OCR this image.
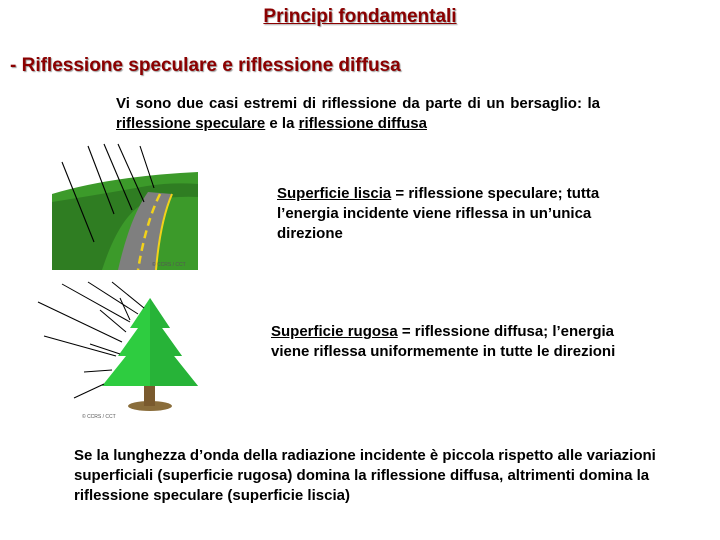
Principi fondamentali
- Riflessione speculare e riflessione diffusa
Vi sono due casi estremi di riflessione da parte di un bersaglio: la riflessione speculare e la riflessione diffusa
© CCRS / CCT
Superficie liscia = riflessione speculare; tutta l’energia incidente viene riflessa in un’unica direzione
© CCRS / CCT
Superficie rugosa = riflessione diffusa; l’energia viene riflessa uniformemente in tutte le direzioni
Se la lunghezza d’onda della radiazione incidente è piccola rispetto alle variazioni superficiali (superficie rugosa) domina la riflessione diffusa, altrimenti domina la riflessione speculare (superficie liscia)
